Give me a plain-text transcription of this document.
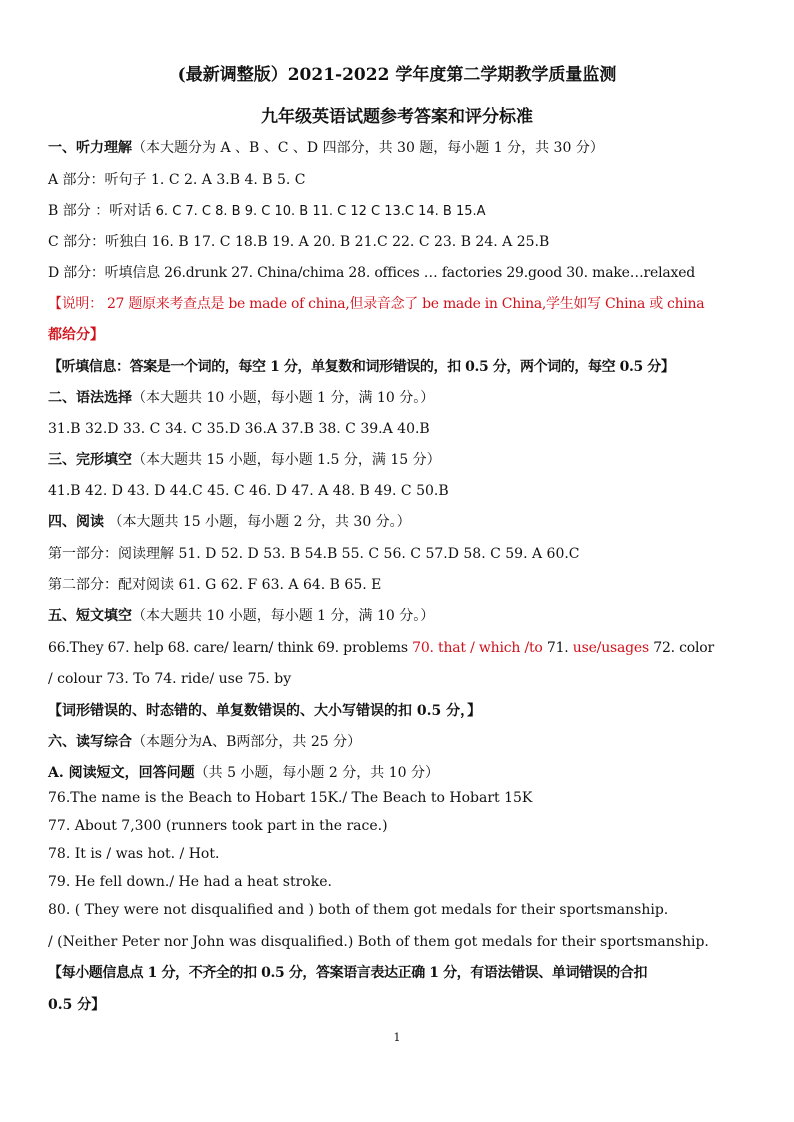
(最新调整版）2021-2022 学年度第二学期教学质量监测
九年级英语试题参考答案和评分标准
一、听力理解（本大题分为 A 、B 、C 、D 四部分，共 30 题，每小题 1 分，共 30 分）
A 部分：听句子 1. C 2. A 3.B 4. B 5. C
B 部分 ：听对话 6. C 7. C 8. B 9. C 10. B 11. C 12 C 13.C 14. B 15.A
C 部分：听独白 16. B 17. C 18.B 19. A 20. B 21.C 22. C 23. B 24. A 25.B
D 部分：听填信息 26.drunk 27. China/chima 28. offices … factories 29.good 30. make…relaxed
【说明： 27 题原来考查点是 be made of china,但录音念了 be made in China,学生如写 China 或 china
都给分】
【听填信息：答案是一个词的，每空 1 分，单复数和词形错误的，扣 0.5 分，两个词的，每空 0.5 分】
二、语法选择（本大题共 10 小题，每小题 1 分，满 10 分。）
31.B 32.D 33. C 34. C 35.D 36.A 37.B 38. C 39.A 40.B
三、完形填空（本大题共 15 小题，每小题 1.5 分，满 15 分）
41.B 42. D 43. D 44.C 45. C 46. D 47. A 48. B 49. C 50.B
四、阅读 （本大题共 15 小题，每小题 2 分，共 30 分。）
第一部分：阅读理解 51. D 52. D 53. B 54.B 55. C 56. C 57.D 58. C 59. A 60.C
第二部分：配对阅读 61. G 62. F 63. A 64. B 65. E
五、短文填空（本大题共 10 小题，每小题 1 分，满 10 分。）
66.They 67. help 68. care/ learn/ think 69. problems 70. that / which /to 71. use/usages 72. color
/ colour 73. To 74. ride/ use 75. by
【词形错误的、时态错的、单复数错误的、大小写错误的扣 0.5 分，】
六、读写综合（本题分为A、B两部分，共 25 分）
A. 阅读短文，回答问题（共 5 小题，每小题 2 分，共 10 分）
76.The name is the Beach to Hobart 15K./ The Beach to Hobart 15K
77. About 7,300 (runners took part in the race.)
78. It is / was hot. / Hot.
79. He fell down./ He had a heat stroke.
80. ( They were not disqualified and ) both of them got medals for their sportsmanship.
/ (Neither Peter nor John was disqualified.) Both of them got medals for their sportsmanship.
【每小题信息点 1 分，不齐全的扣 0.5 分，答案语言表达正确 1 分，有语法错误、单词错误的合扣
0.5 分】
1
